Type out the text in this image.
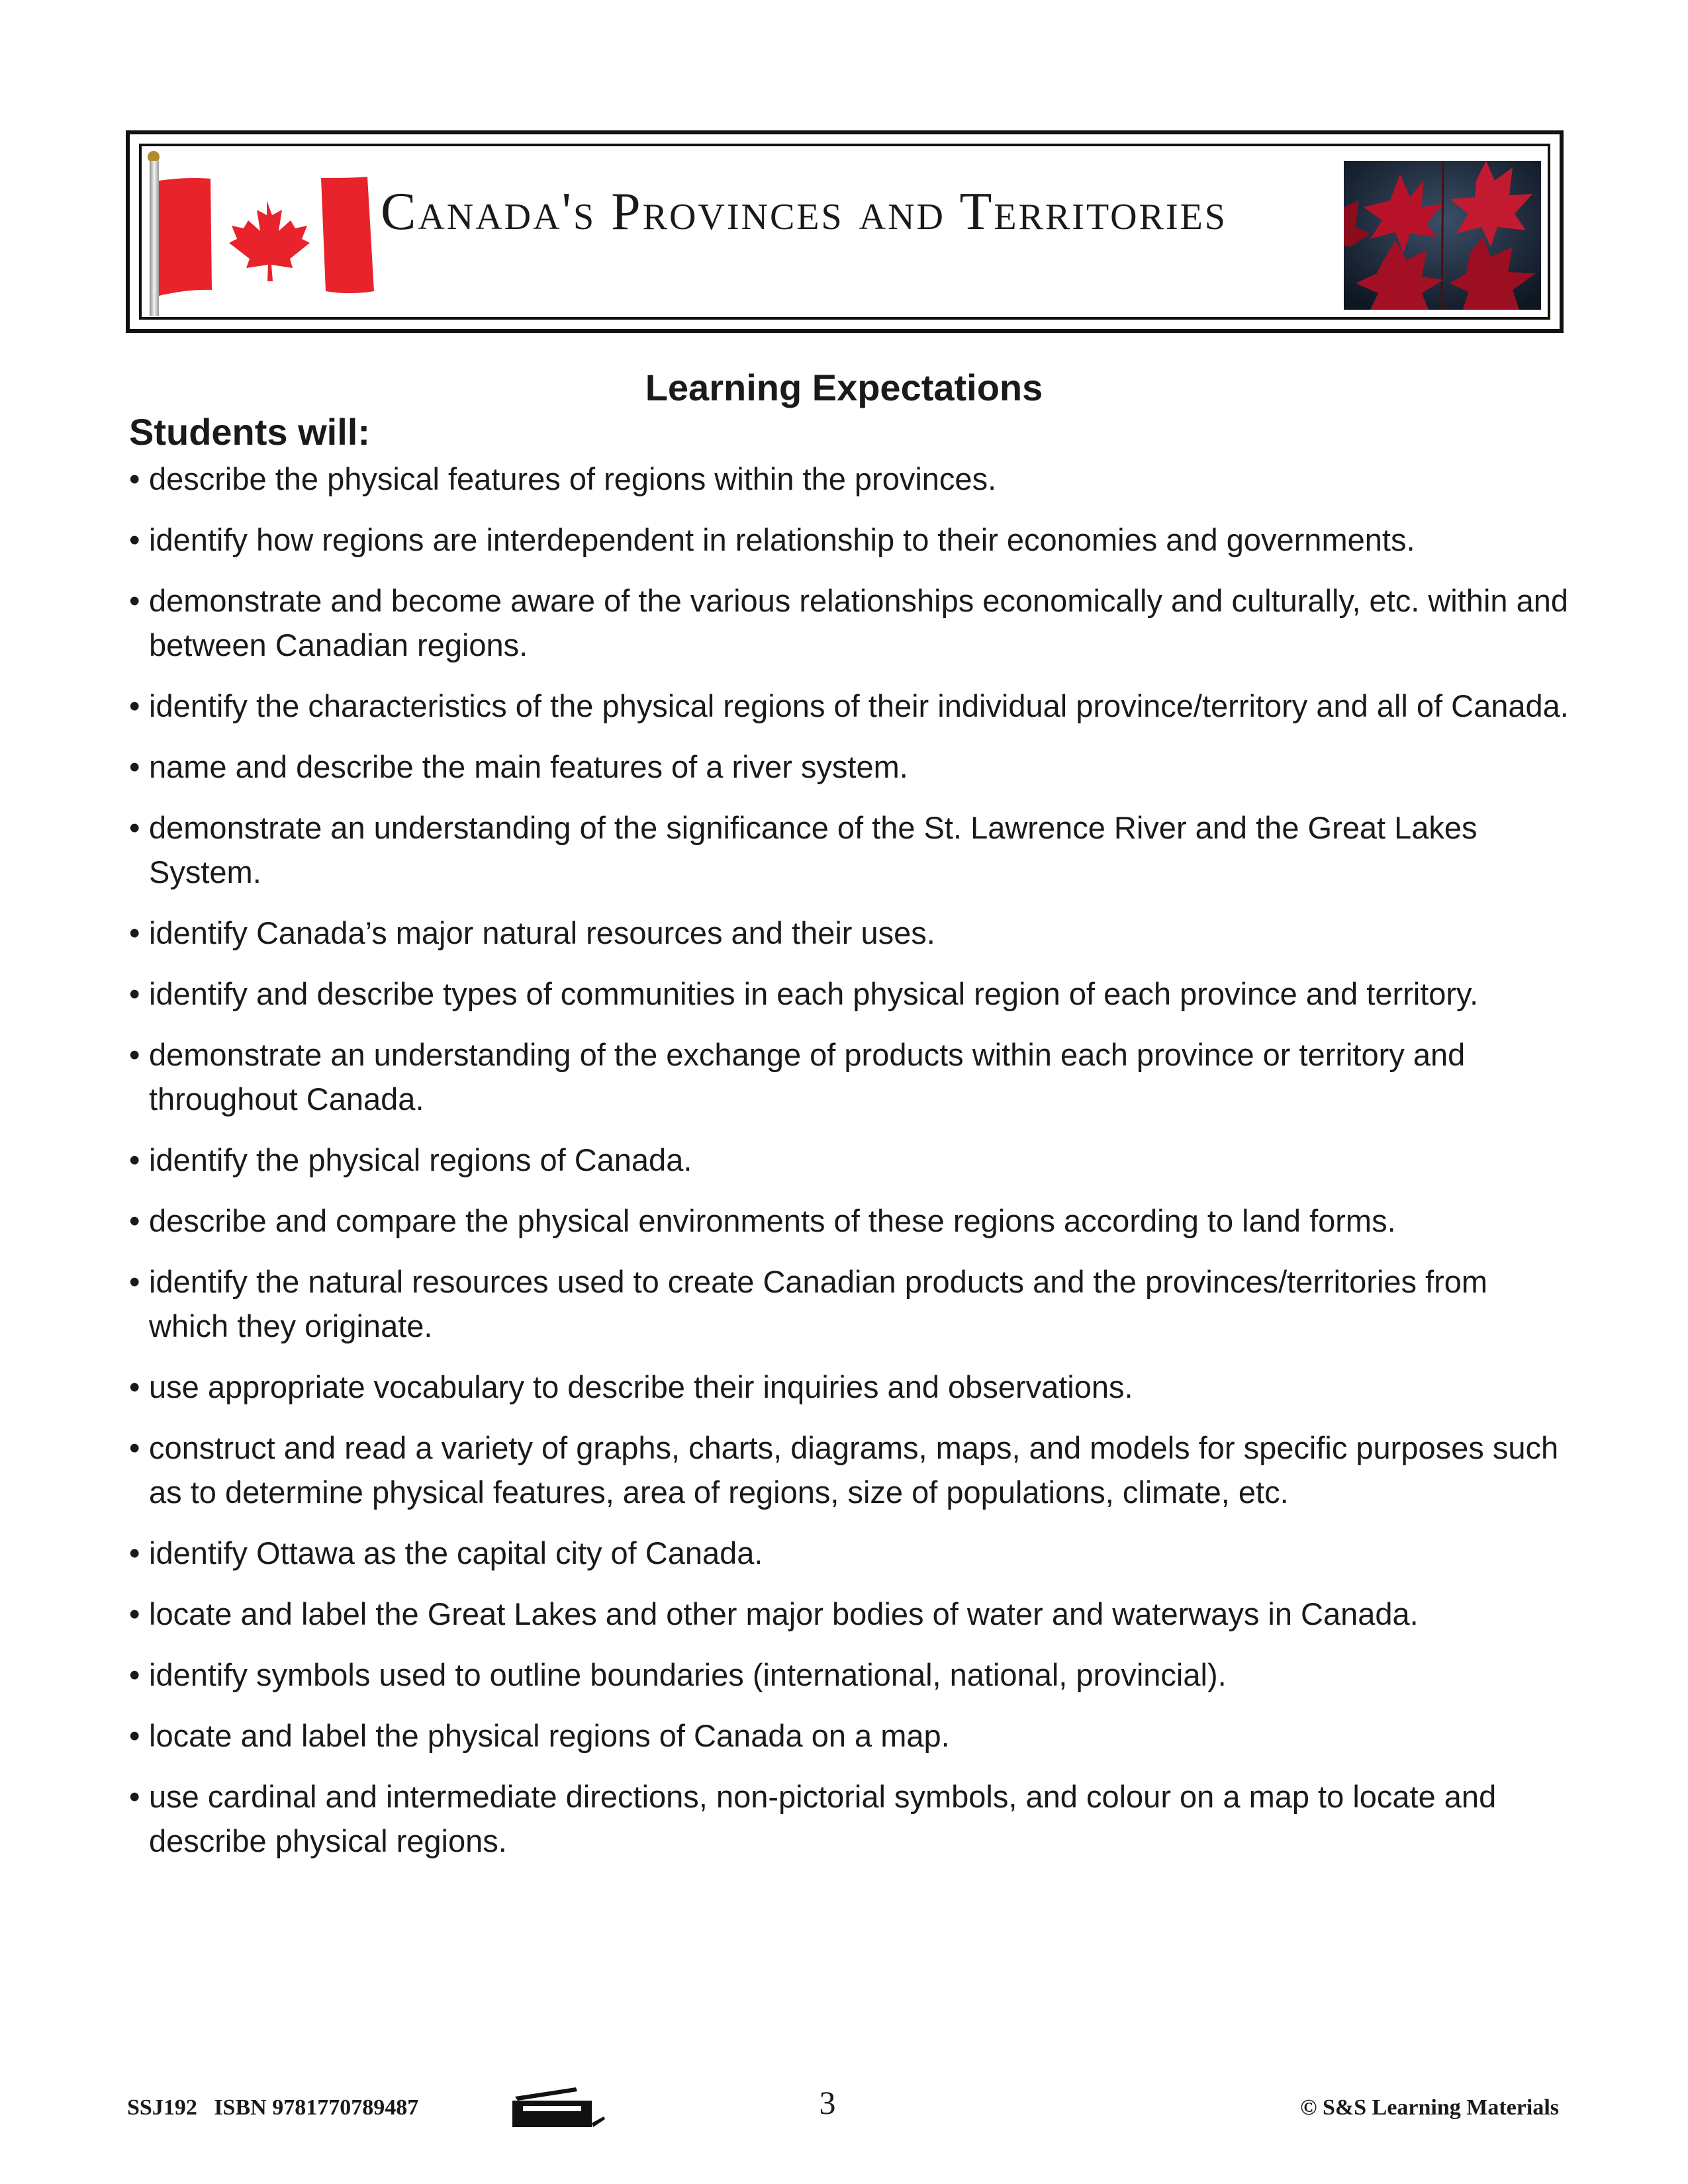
Canada's Provinces and Territories
Learning Expectations
Students will:
• describe the physical features of regions within the provinces.
• identify how regions are interdependent in relationship to their economies and governments.
• demonstrate and become aware of the various relationships economically and culturally, etc. within and between Canadian regions.
• identify the characteristics of the physical regions of their individual province/territory and all of Canada.
• name and describe the main features of a river system.
• demonstrate an understanding of the significance of the St. Lawrence River and the Great Lakes System.
• identify Canada’s major natural resources and their uses.
• identify and describe types of communities in each physical region of each province and territory.
• demonstrate an understanding of the exchange of products within each province or territory and throughout Canada.
• identify the physical regions of Canada.
• describe and compare the physical environments of these regions according to land forms.
• identify the natural resources used to create Canadian products and the provinces/territories from which they originate.
• use appropriate vocabulary to describe their inquiries and observations.
• construct and read a variety of graphs, charts, diagrams, maps, and models for specific purposes such as to determine physical features, area of regions, size of populations, climate, etc.
• identify Ottawa as the capital city of Canada.
• locate and label the Great Lakes and other major bodies of water and waterways in Canada.
• identify symbols used to outline boundaries (international, national, provincial).
• locate and label the physical regions of Canada on a map.
• use cardinal and intermediate directions, non-pictorial symbols, and colour on a map to locate and describe physical regions.
SSJ192 ISBN 9781770789487	3	© S&S Learning Materials
